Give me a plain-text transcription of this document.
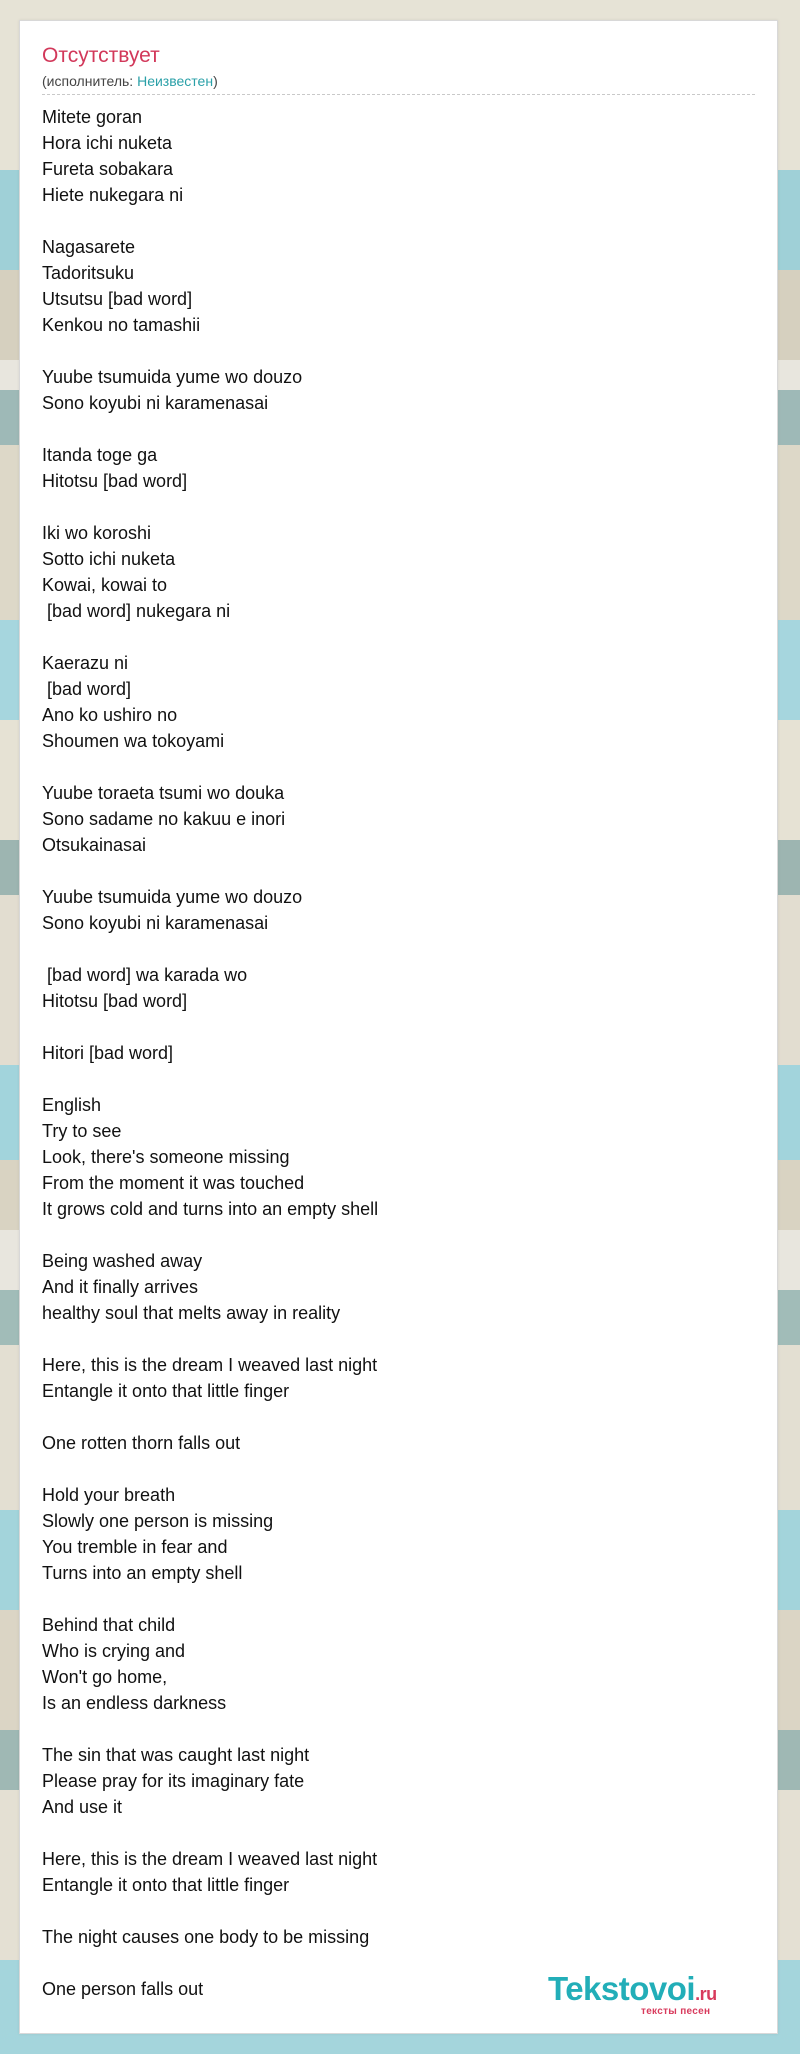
Отсутствует
(исполнитель: Неизвестен)
Mitete goran
Hora ichi nuketa
Fureta sobakara
Hiete nukegara ni
Nagasarete
Tadoritsuku
Utsutsu [bad word]
Kenkou no tamashii
Yuube tsumuida yume wo douzo
Sono koyubi ni karamenasai
Itanda toge ga
Hitotsu [bad word]
Iki wo koroshi
Sotto ichi nuketa
Kowai, kowai to
[bad word] nukegara ni
Kaerazu ni
[bad word]
Ano ko ushiro no
Shoumen wa tokoyami
Yuube toraeta tsumi wo douka
Sono sadame no kakuu e inori
Otsukainasai
Yuube tsumuida yume wo douzo
Sono koyubi ni karamenasai
[bad word] wa karada wo
Hitotsu [bad word]
Hitori [bad word]
English
Try to see
Look, there's someone missing
From the moment it was touched
It grows cold and turns into an empty shell
Being washed away
And it finally arrives
healthy soul that melts away in reality
Here, this is the dream I weaved last night
Entangle it onto that little finger
One rotten thorn falls out
Hold your breath
Slowly one person is missing
You tremble in fear and
Turns into an empty shell
Behind that child
Who is crying and
Won't go home,
Is an endless darkness
The sin that was caught last night
Please pray for its imaginary fate
And use it
Here, this is the dream I weaved last night
Entangle it onto that little finger
The night causes one body to be missing
One person falls out	Tekstovoi.ru
тексты песен
